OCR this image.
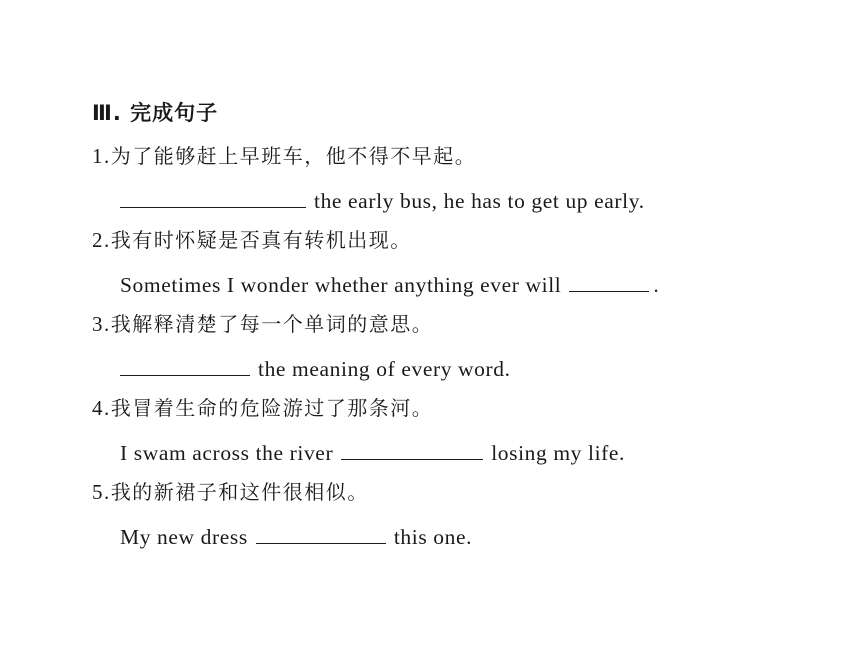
Ⅲ. 完成句子
1.为了能够赶上早班车，他不得不早起。
the early bus, he has to get up early.
2.我有时怀疑是否真有转机出现。
Sometimes I wonder whether anything ever will	.
3.我解释清楚了每一个单词的意思。
the meaning of every word.
4.我冒着生命的危险游过了那条河。
I swam across the river	losing my life.
5.我的新裙子和这件很相似。
My new dress	this one.
